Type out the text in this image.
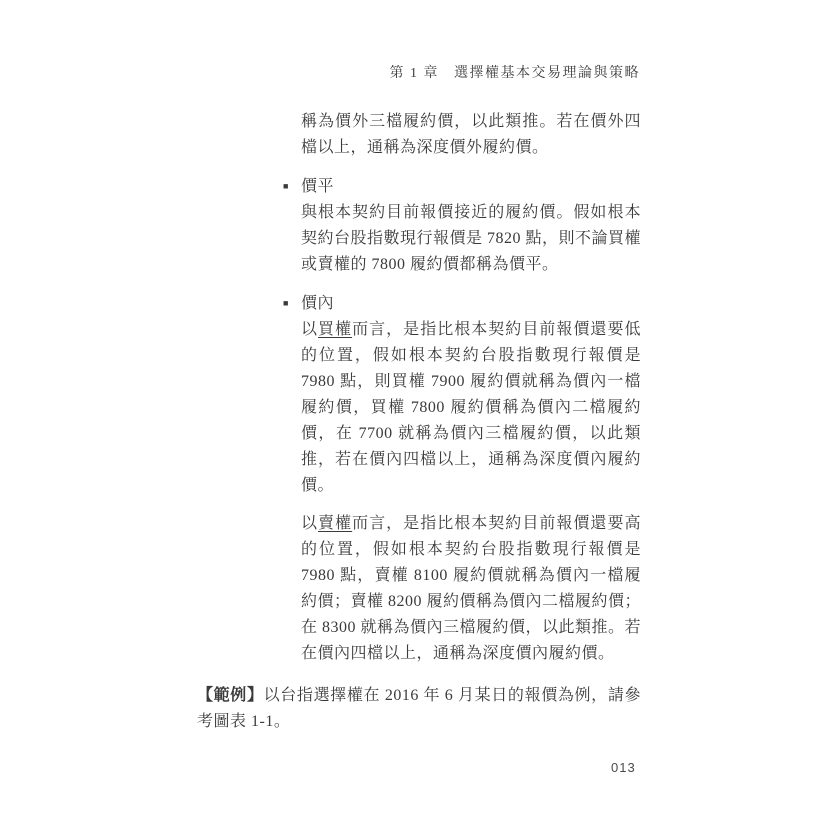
第 1 章 選擇權基本交易理論與策略

稱為價外三檔履約價，以此類推。若在價外四檔以上，通稱為深度價外履約價。

■ 價平

與根本契約目前報價接近的履約價。假如根本契約台股指數現行報價是 7820 點，則不論買權或賣權的 7800 履約價都稱為價平。

■ 價內

以買權而言，是指比根本契約目前報價還要低的位置，假如根本契約台股指數現行報價是 7980 點，則買權 7900 履約價就稱為價內一檔履約價，買權 7800 履約價稱為價內二檔履約價，在 7700 就稱為價內三檔履約價，以此類推，若在價內四檔以上，通稱為深度價內履約價。

以賣權而言，是指比根本契約目前報價還要高的位置，假如根本契約台股指數現行報價是 7980 點，賣權 8100 履約價就稱為價內一檔履約價；賣權 8200 履約價稱為價內二檔履約價；在 8300 就稱為價內三檔履約價，以此類推。若在價內四檔以上，通稱為深度價內履約價。

【範例】以台指選擇權在 2016 年 6 月某日的報價為例，請參考圖表 1-1。

013
